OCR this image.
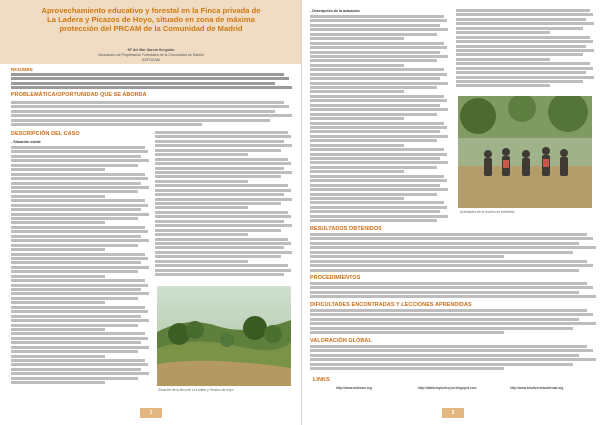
Aprovechamiento educativo y forestal en la Finca privada de La Ladera y Picazos de Hoyo, situado en zona de máxima protección del PRCAM de la Comunidad de Madrid
Mª del Mar García Herguido
Asociación de Propietarios Forestales de la Comunidad de Madrid
ASFOCAM
RESUMEN
PROBLEMÁTICA/OPORTUNIDAD QUE SE ABORDA
DESCRIPCIÓN DEL CASO
- Situación inicial
Situación de la finca de La Ladera y Picazos de Hoyo
1
- Descripción de la actuación
Actividades de la reunión en esfinedas
RESULTADOS OBTENIDOS
PROCEDIMIENTOS
DIFICULTADES ENCONTRADAS Y LECCIONES APRENDIDAS
VALORACIÓN GLOBAL
2
LINKS
http://www.asfocam.org	http://laladerayloshoyos.blogspot.com	http://www.biodiversidadvirtual.org
